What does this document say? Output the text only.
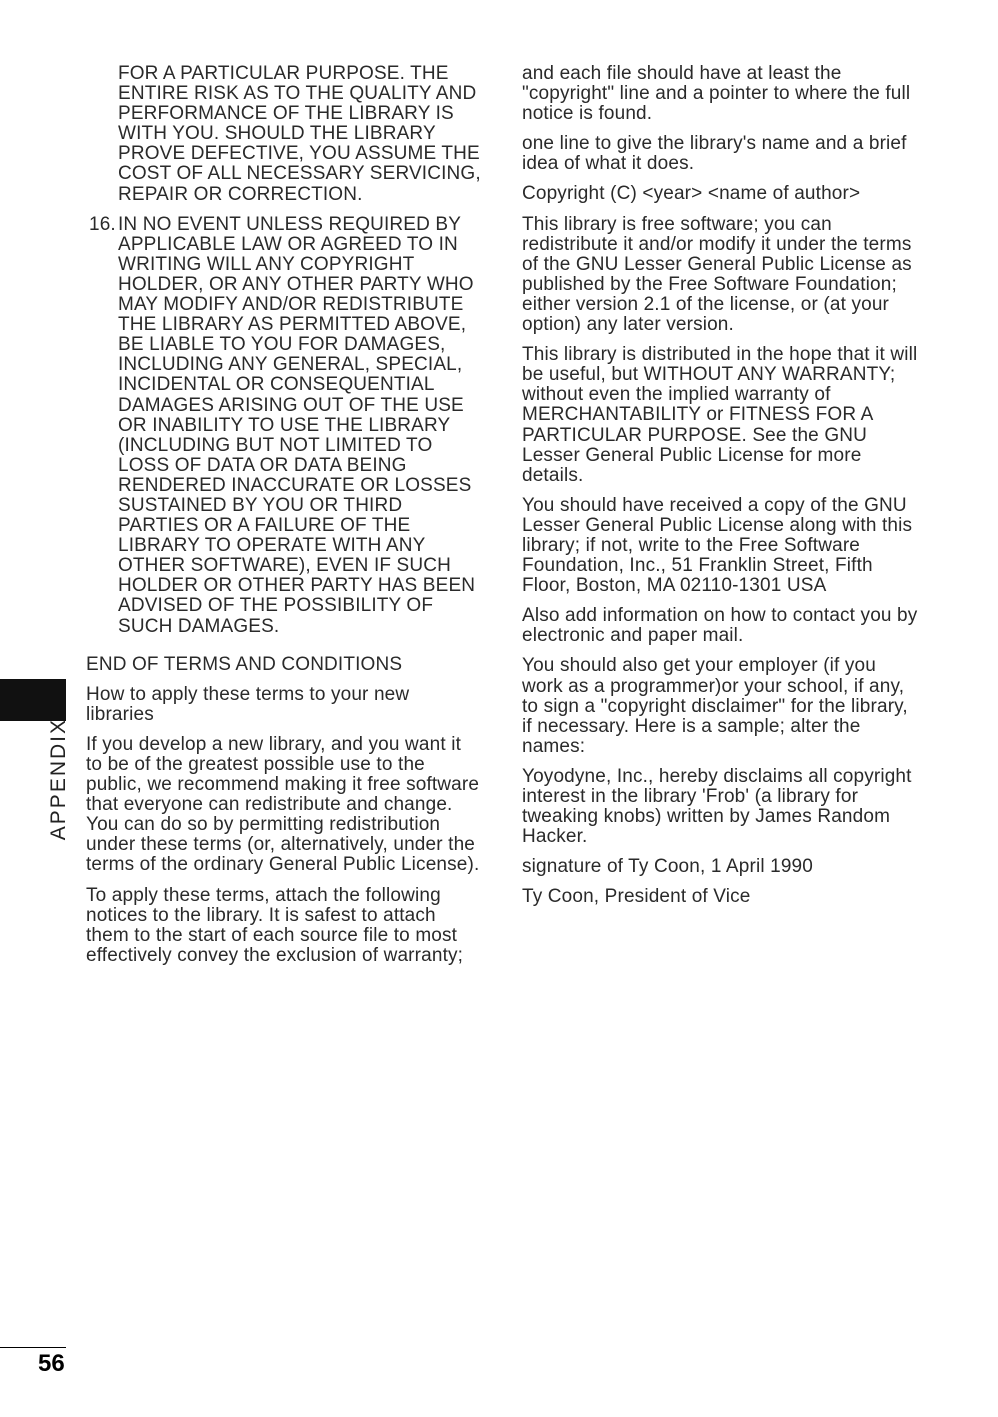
APPENDIX

FOR A PARTICULAR PURPOSE. THE ENTIRE RISK AS TO THE QUALITY AND PERFORMANCE OF THE LIBRARY IS WITH YOU. SHOULD THE LIBRARY PROVE DEFECTIVE, YOU ASSUME THE COST OF ALL NECESSARY SERVICING, REPAIR OR CORRECTION.

16. IN NO EVENT UNLESS REQUIRED BY APPLICABLE LAW OR AGREED TO IN WRITING WILL ANY COPYRIGHT HOLDER, OR ANY OTHER PARTY WHO MAY MODIFY AND/OR REDISTRIBUTE THE LIBRARY AS PERMITTED ABOVE, BE LIABLE TO YOU FOR DAMAGES, INCLUDING ANY GENERAL, SPECIAL, INCIDENTAL OR CONSEQUENTIAL DAMAGES ARISING OUT OF THE USE OR INABILITY TO USE THE LIBRARY (INCLUDING BUT NOT LIMITED TO LOSS OF DATA OR DATA BEING RENDERED INACCURATE OR LOSSES SUSTAINED BY YOU OR THIRD PARTIES OR A FAILURE OF THE LIBRARY TO OPERATE WITH ANY OTHER SOFTWARE), EVEN IF SUCH HOLDER OR OTHER PARTY HAS BEEN ADVISED OF THE POSSIBILITY OF SUCH DAMAGES.

END OF TERMS AND CONDITIONS

How to apply these terms to your new libraries

If you develop a new library, and you want it to be of the greatest possible use to the public, we recommend making it free software that everyone can redistribute and change. You can do so by permitting redistribution under these terms (or, alternatively, under the terms of the ordinary General Public License).

To apply these terms, attach the following notices to the library. It is safest to attach them to the start of each source file to most effectively convey the exclusion of warranty;

and each file should have at least the "copyright" line and a pointer to where the full notice is found.

one line to give the library's name and a brief idea of what it does.

Copyright (C) <year> <name of author>

This library is free software; you can redistribute it and/or modify it under the terms of the GNU Lesser General Public License as published by the Free Software Foundation; either version 2.1 of the license, or (at your option) any later version.

This library is distributed in the hope that it will be useful, but WITHOUT ANY WARRANTY; without even the implied warranty of MERCHANTABILITY or FITNESS FOR A PARTICULAR PURPOSE. See the GNU Lesser General Public License for more details.

You should have received a copy of the GNU Lesser General Public License along with this library; if not, write to the Free Software Foundation, Inc., 51 Franklin Street, Fifth Floor, Boston, MA 02110-1301 USA

Also add information on how to contact you by electronic and paper mail.

You should also get your employer (if you work as a programmer)or your school, if any, to sign a "copyright disclaimer" for the library, if necessary. Here is a sample; alter the names:

Yoyodyne, Inc., hereby disclaims all copyright interest in the library 'Frob' (a library for tweaking knobs) written by James Random Hacker.

signature of Ty Coon, 1 April 1990

Ty Coon, President of Vice

56
